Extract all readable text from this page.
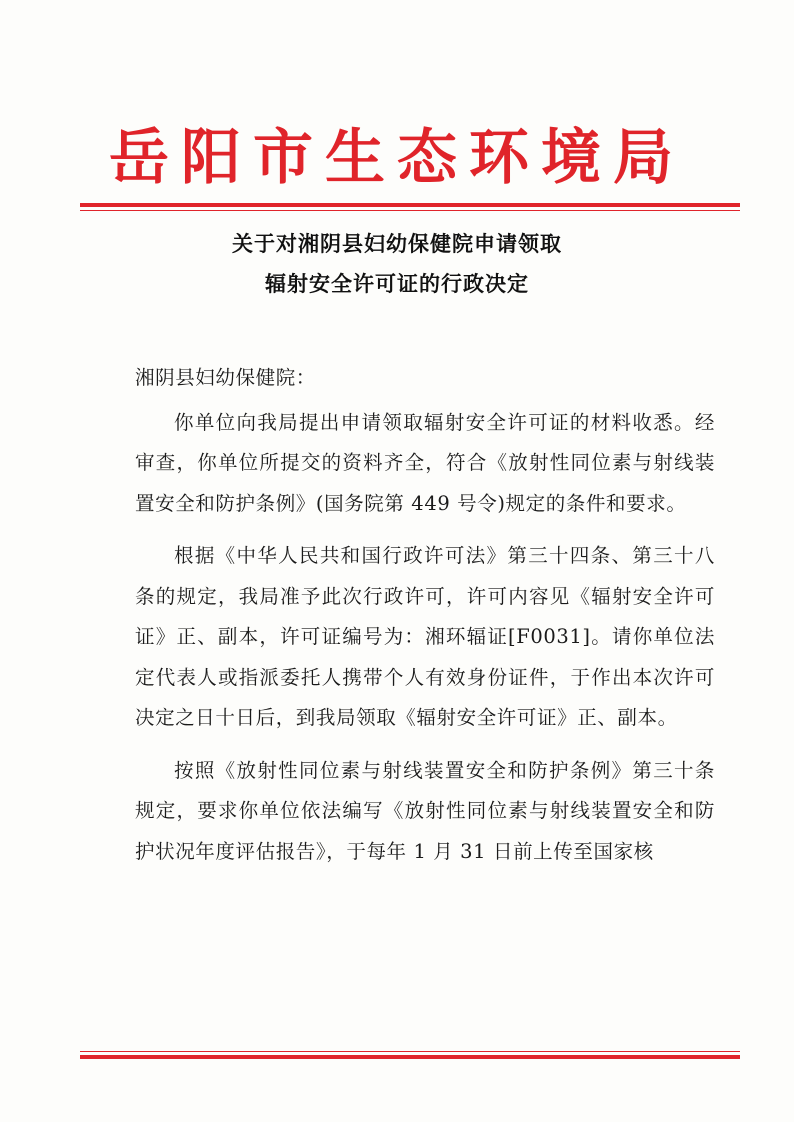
岳阳市生态环境局
关于对湘阴县妇幼保健院申请领取
辐射安全许可证的行政决定

湘阴县妇幼保健院：

你单位向我局提出申请领取辐射安全许可证的材料收悉。经审查，你单位所提交的资料齐全，符合《放射性同位素与射线装置安全和防护条例》(国务院第 449 号令)规定的条件和要求。

根据《中华人民共和国行政许可法》第三十四条、第三十八条的规定，我局准予此次行政许可，许可内容见《辐射安全许可证》正、副本，许可证编号为：湘环辐证[F0031]。请你单位法定代表人或指派委托人携带个人有效身份证件，于作出本次许可决定之日十日后，到我局领取《辐射安全许可证》正、副本。

按照《放射性同位素与射线装置安全和防护条例》第三十条规定，要求你单位依法编写《放射性同位素与射线装置安全和防护状况年度评估报告》，于每年 1 月 31 日前上传至国家核
